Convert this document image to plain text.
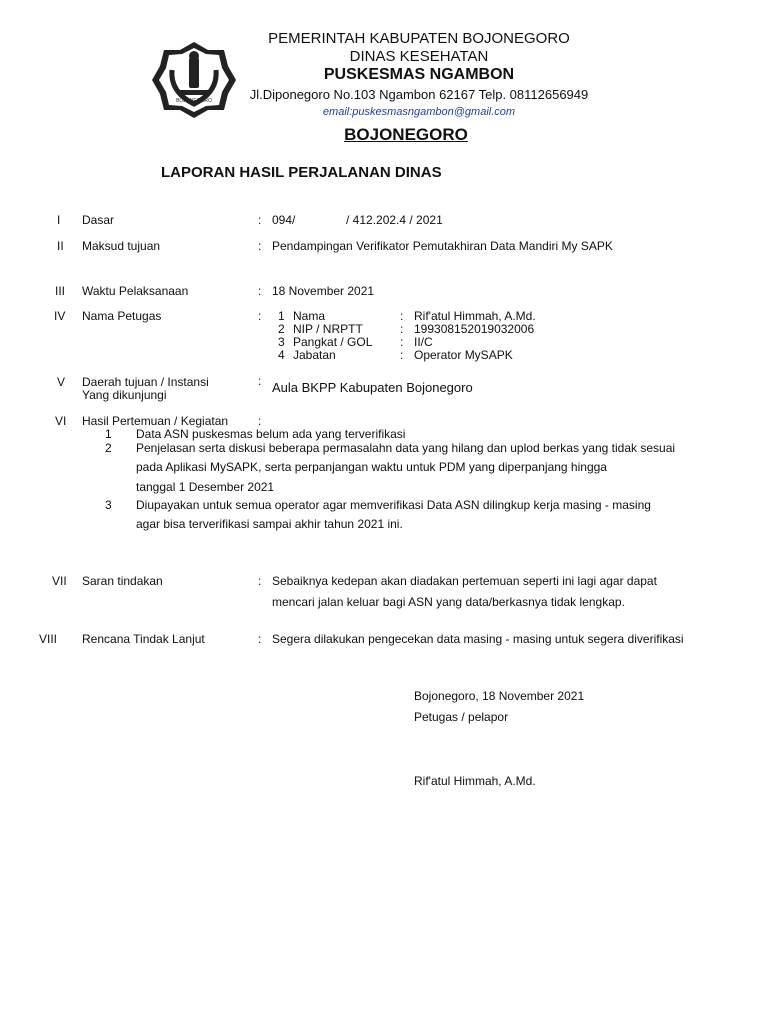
BOJONEGORO
PEMERINTAH KABUPATEN BOJONEGORO
DINAS KESEHATAN
PUSKESMAS NGAMBON
Jl.Diponegoro No.103 Ngambon 62167 Telp. 08112656949
email:puskesmasngambon@gmail.com
BOJONEGORO
LAPORAN HASIL PERJALANAN DINAS
I Dasar	: 094/	/ 412.202.4 / 2021
II Maksud tujuan	: Pendampingan Verifikator Pemutakhiran Data Mandiri My SAPK
III Waktu Pelaksanaan	: 18 November 2021
IV Nama Petugas	: 1 Nama	: Rif'atul Himmah, A.Md.
2 NIP / NRPTT	: 199308152019032006
3 Pangkat / GOL : II/C
4 Jabatan	: Operator MySAPK
V Daerah tujuan / Instansi
Yang dikunjungi
: Aula BKPP Kabupaten Bojonegoro
VI Hasil Pertemuan / Kegiatan :
1 Data ASN puskesmas belum ada yang terverifikasi
2 Penjelasan serta diskusi beberapa permasalahn data yang hilang dan uplod berkas yang tidak sesuai
pada Aplikasi MySAPK, serta perpanjangan waktu untuk PDM yang diperpanjang hingga
tanggal 1 Desember 2021
3 Diupayakan untuk semua operator agar memverifikasi Data ASN dilingkup kerja masing - masing
agar bisa terverifikasi sampai akhir tahun 2021 ini.
VII Saran tindakan	: Sebaiknya kedepan akan diadakan pertemuan seperti ini lagi agar dapat
mencari jalan keluar bagi ASN yang data/berkasnya tidak lengkap.
VIII Rencana Tindak Lanjut	: Segera dilakukan pengecekan data masing - masing untuk segera diverifikasi
Bojonegoro, 18 November 2021
Petugas / pelapor
Rif'atul Himmah, A.Md.
